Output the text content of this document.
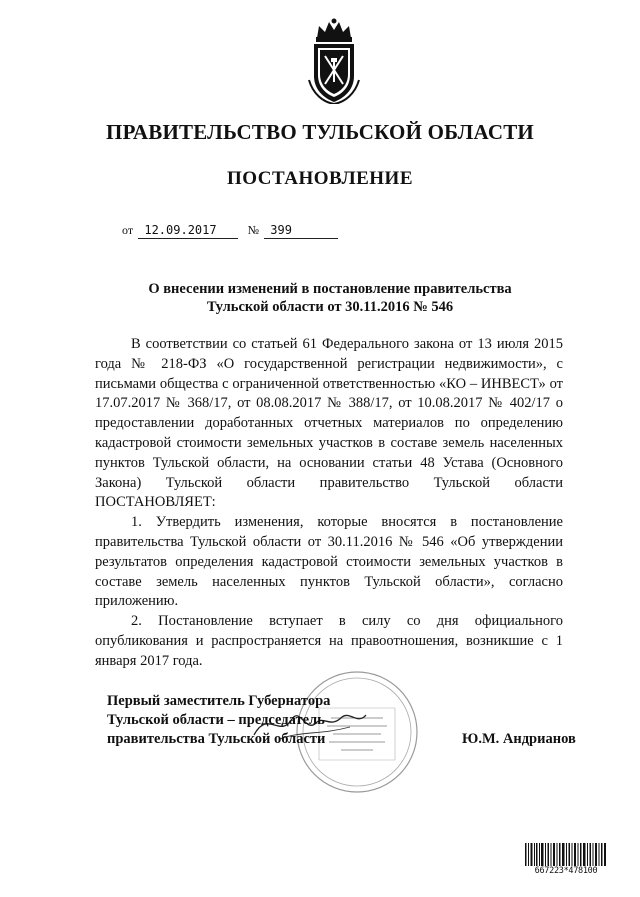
ПРАВИТЕЛЬСТВО ТУЛЬСКОЙ ОБЛАСТИ
ПОСТАНОВЛЕНИЕ
от 12.09.2017	№ 399
О внесении изменений в постановление правительства
Тульской области от 30.11.2016 № 546

В соответствии со статьей 61 Федерального закона от 13 июля 2015 года № 218-ФЗ «О государственной регистрации недвижимости», с письмами общества с ограниченной ответственностью «КО – ИНВЕСТ» от 17.07.2017 № 368/17, от 08.08.2017 № 388/17, от 10.08.2017 № 402/17 о предоставлении доработанных отчетных материалов по определению кадастровой стоимости земельных участков в составе земель населенных пунктов Тульской области, на основании статьи 48 Устава (Основного Закона) Тульской области правительство Тульской области ПОСТАНОВЛЯЕТ:

1. Утвердить изменения, которые вносятся в постановление правительства Тульской области от 30.11.2016 № 546 «Об утверждении результатов определения кадастровой стоимости земельных участков в составе земель населенных пунктов Тульской области», согласно приложению.

2. Постановление вступает в силу со дня официального опубликования и распространяется на правоотношения, возникшие с 1 января 2017 года.

Первый заместитель Губернатора
Тульской области – председатель
правительства Тульской области	Ю.М. Андрианов
667223*478100
